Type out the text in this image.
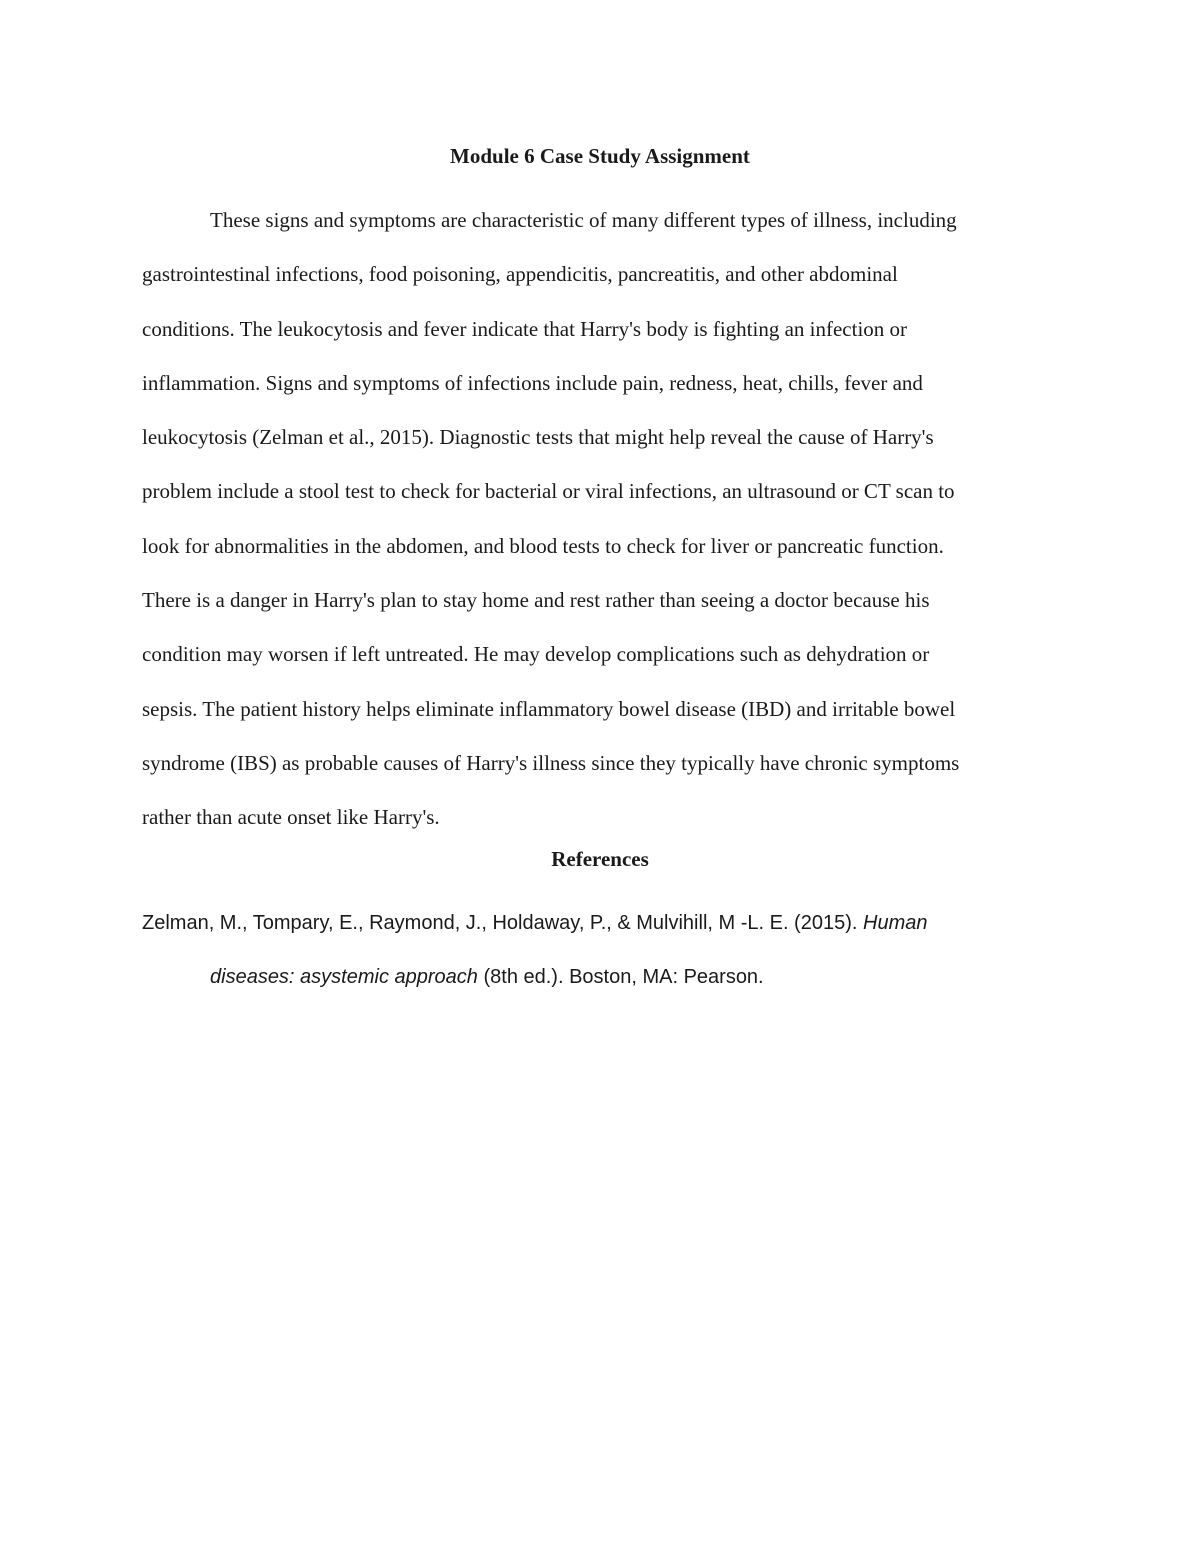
Module 6 Case Study Assignment
These signs and symptoms are characteristic of many different types of illness, including
gastrointestinal infections, food poisoning, appendicitis, pancreatitis, and other abdominal
conditions. The leukocytosis and fever indicate that Harry's body is fighting an infection or
inflammation. Signs and symptoms of infections include pain, redness, heat, chills, fever and
leukocytosis (Zelman et al., 2015). Diagnostic tests that might help reveal the cause of Harry's
problem include a stool test to check for bacterial or viral infections, an ultrasound or CT scan to
look for abnormalities in the abdomen, and blood tests to check for liver or pancreatic function.
There is a danger in Harry's plan to stay home and rest rather than seeing a doctor because his
condition may worsen if left untreated. He may develop complications such as dehydration or
sepsis. The patient history helps eliminate inflammatory bowel disease (IBD) and irritable bowel
syndrome (IBS) as probable causes of Harry's illness since they typically have chronic symptoms
rather than acute onset like Harry's.
References
Zelman, M., Tompary, E., Raymond, J., Holdaway, P., & Mulvihill, M -L. E. (2015). Human
diseases: asystemic approach (8th ed.). Boston, MA: Pearson.
